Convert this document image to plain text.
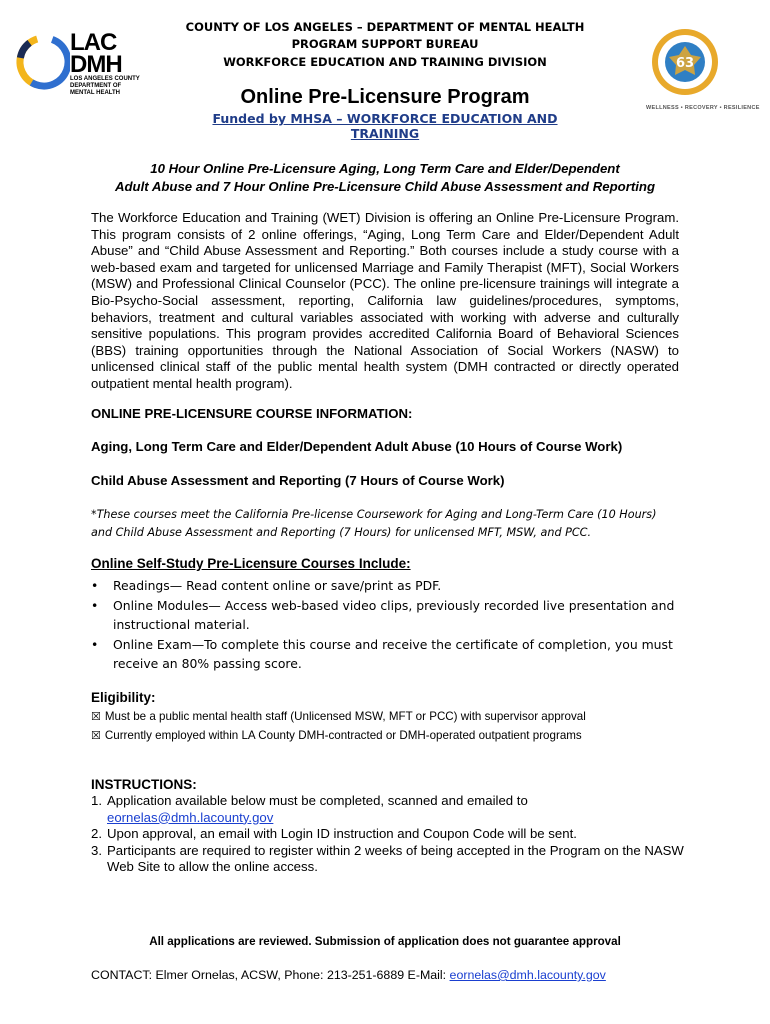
COUNTY OF LOS ANGELES – DEPARTMENT OF MENTAL HEALTH
PROGRAM SUPPORT BUREAU
WORKFORCE EDUCATION AND TRAINING DIVISION
Online Pre-Licensure Program
Funded by MHSA – WORKFORCE EDUCATION AND TRAINING
LAC
DMH
LOS ANGELES COUNTY
DEPARTMENT OF
MENTAL HEALTH
63
WELLNESS • RECOVERY • RESILIENCE
10 Hour Online Pre-Licensure Aging, Long Term Care and Elder/Dependent
Adult Abuse and 7 Hour Online Pre-Licensure Child Abuse Assessment and Reporting
The Workforce Education and Training (WET) Division is offering an Online Pre-Licensure Program. This program consists of 2 online offerings, “Aging, Long Term Care and Elder/Dependent Adult Abuse” and “Child Abuse Assessment and Reporting.” Both courses include a study course with a web-based exam and targeted for unlicensed Marriage and Family Therapist (MFT), Social Workers (MSW) and Professional Clinical Counselor (PCC). The online pre-licensure trainings will integrate a Bio-Psycho-Social assessment, reporting, California law guidelines/procedures, symptoms, behaviors, treatment and cultural variables associated with working with adverse and culturally sensitive populations. This program provides accredited California Board of Behavioral Sciences (BBS) training opportunities through the National Association of Social Workers (NASW) to unlicensed clinical staff of the public mental health system (DMH contracted or directly operated outpatient mental health program).
ONLINE PRE-LICENSURE COURSE INFORMATION:
Aging, Long Term Care and Elder/Dependent Adult Abuse (10 Hours of Course Work)
Child Abuse Assessment and Reporting (7 Hours of Course Work)
*These courses meet the California Pre-license Coursework for Aging and Long-Term Care (10 Hours)
and Child Abuse Assessment and Reporting (7 Hours) for unlicensed MFT, MSW, and PCC.
Online Self-Study Pre-Licensure Courses Include:
• Readings— Read content online or save/print as PDF.
• Online Modules— Access web-based video clips, previously recorded live presentation and instructional material.
• Online Exam—To complete this course and receive the certificate of completion, you must receive an 80% passing score.
Eligibility:
☒ Must be a public mental health staff (Unlicensed MSW, MFT or PCC) with supervisor approval
☒ Currently employed within LA County DMH-contracted or DMH-operated outpatient programs
INSTRUCTIONS:
1. Application available below must be completed, scanned and emailed to
eornelas@dmh.lacounty.gov
2. Upon approval, an email with Login ID instruction and Coupon Code will be sent.
3. Participants are required to register within 2 weeks of being accepted in the Program on the NASW Web Site to allow the online access.
All applications are reviewed. Submission of application does not guarantee approval
CONTACT: Elmer Ornelas, ACSW, Phone: 213-251-6889 E-Mail: eornelas@dmh.lacounty.gov
